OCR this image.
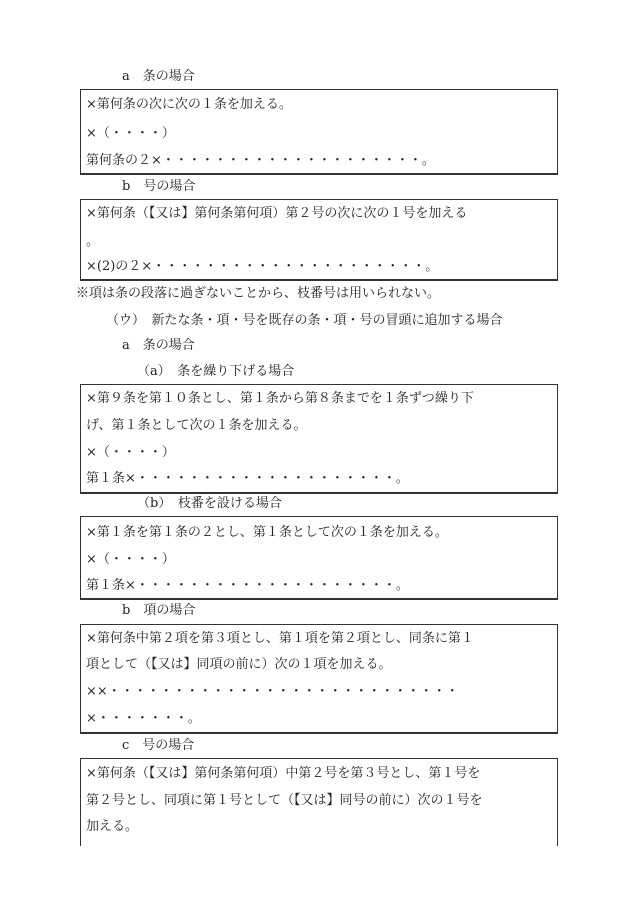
a　条の場合
×第何条の次に次の１条を加える。
×（・・・・）
第何条の２×・・・・・・・・・・・・・・・・・・・・。
b　号の場合
×第何条（【又は】第何条第何項）第２号の次に次の１号を加える
。
×(2)の２×・・・・・・・・・・・・・・・・・・・・・。
※項は条の段落に過ぎないことから、枝番号は用いられない。
（ウ）　新たな条・項・号を既存の条・項・号の冒頭に追加する場合
a　条の場合
（a）　条を繰り下げる場合
×第９条を第１０条とし、第１条から第８条までを１条ずつ繰り下
げ、第１条として次の１条を加える。
×（・・・・）
第１条×・・・・・・・・・・・・・・・・・・・・。
（b）　枝番を設ける場合
×第１条を第１条の２とし、第１条として次の１条を加える。
×（・・・・）
第１条×・・・・・・・・・・・・・・・・・・・・。
b　項の場合
×第何条中第２項を第３項とし、第１項を第２項とし、同条に第１
項として（【又は】同項の前に）次の１項を加える。
××・・・・・・・・・・・・・・・・・・・・・・・・・・・
×・・・・・・・。
c　号の場合
×第何条（【又は】第何条第何項）中第２号を第３号とし、第１号を
第２号とし、同項に第１号として（【又は】同号の前に）次の１号を
加える。
